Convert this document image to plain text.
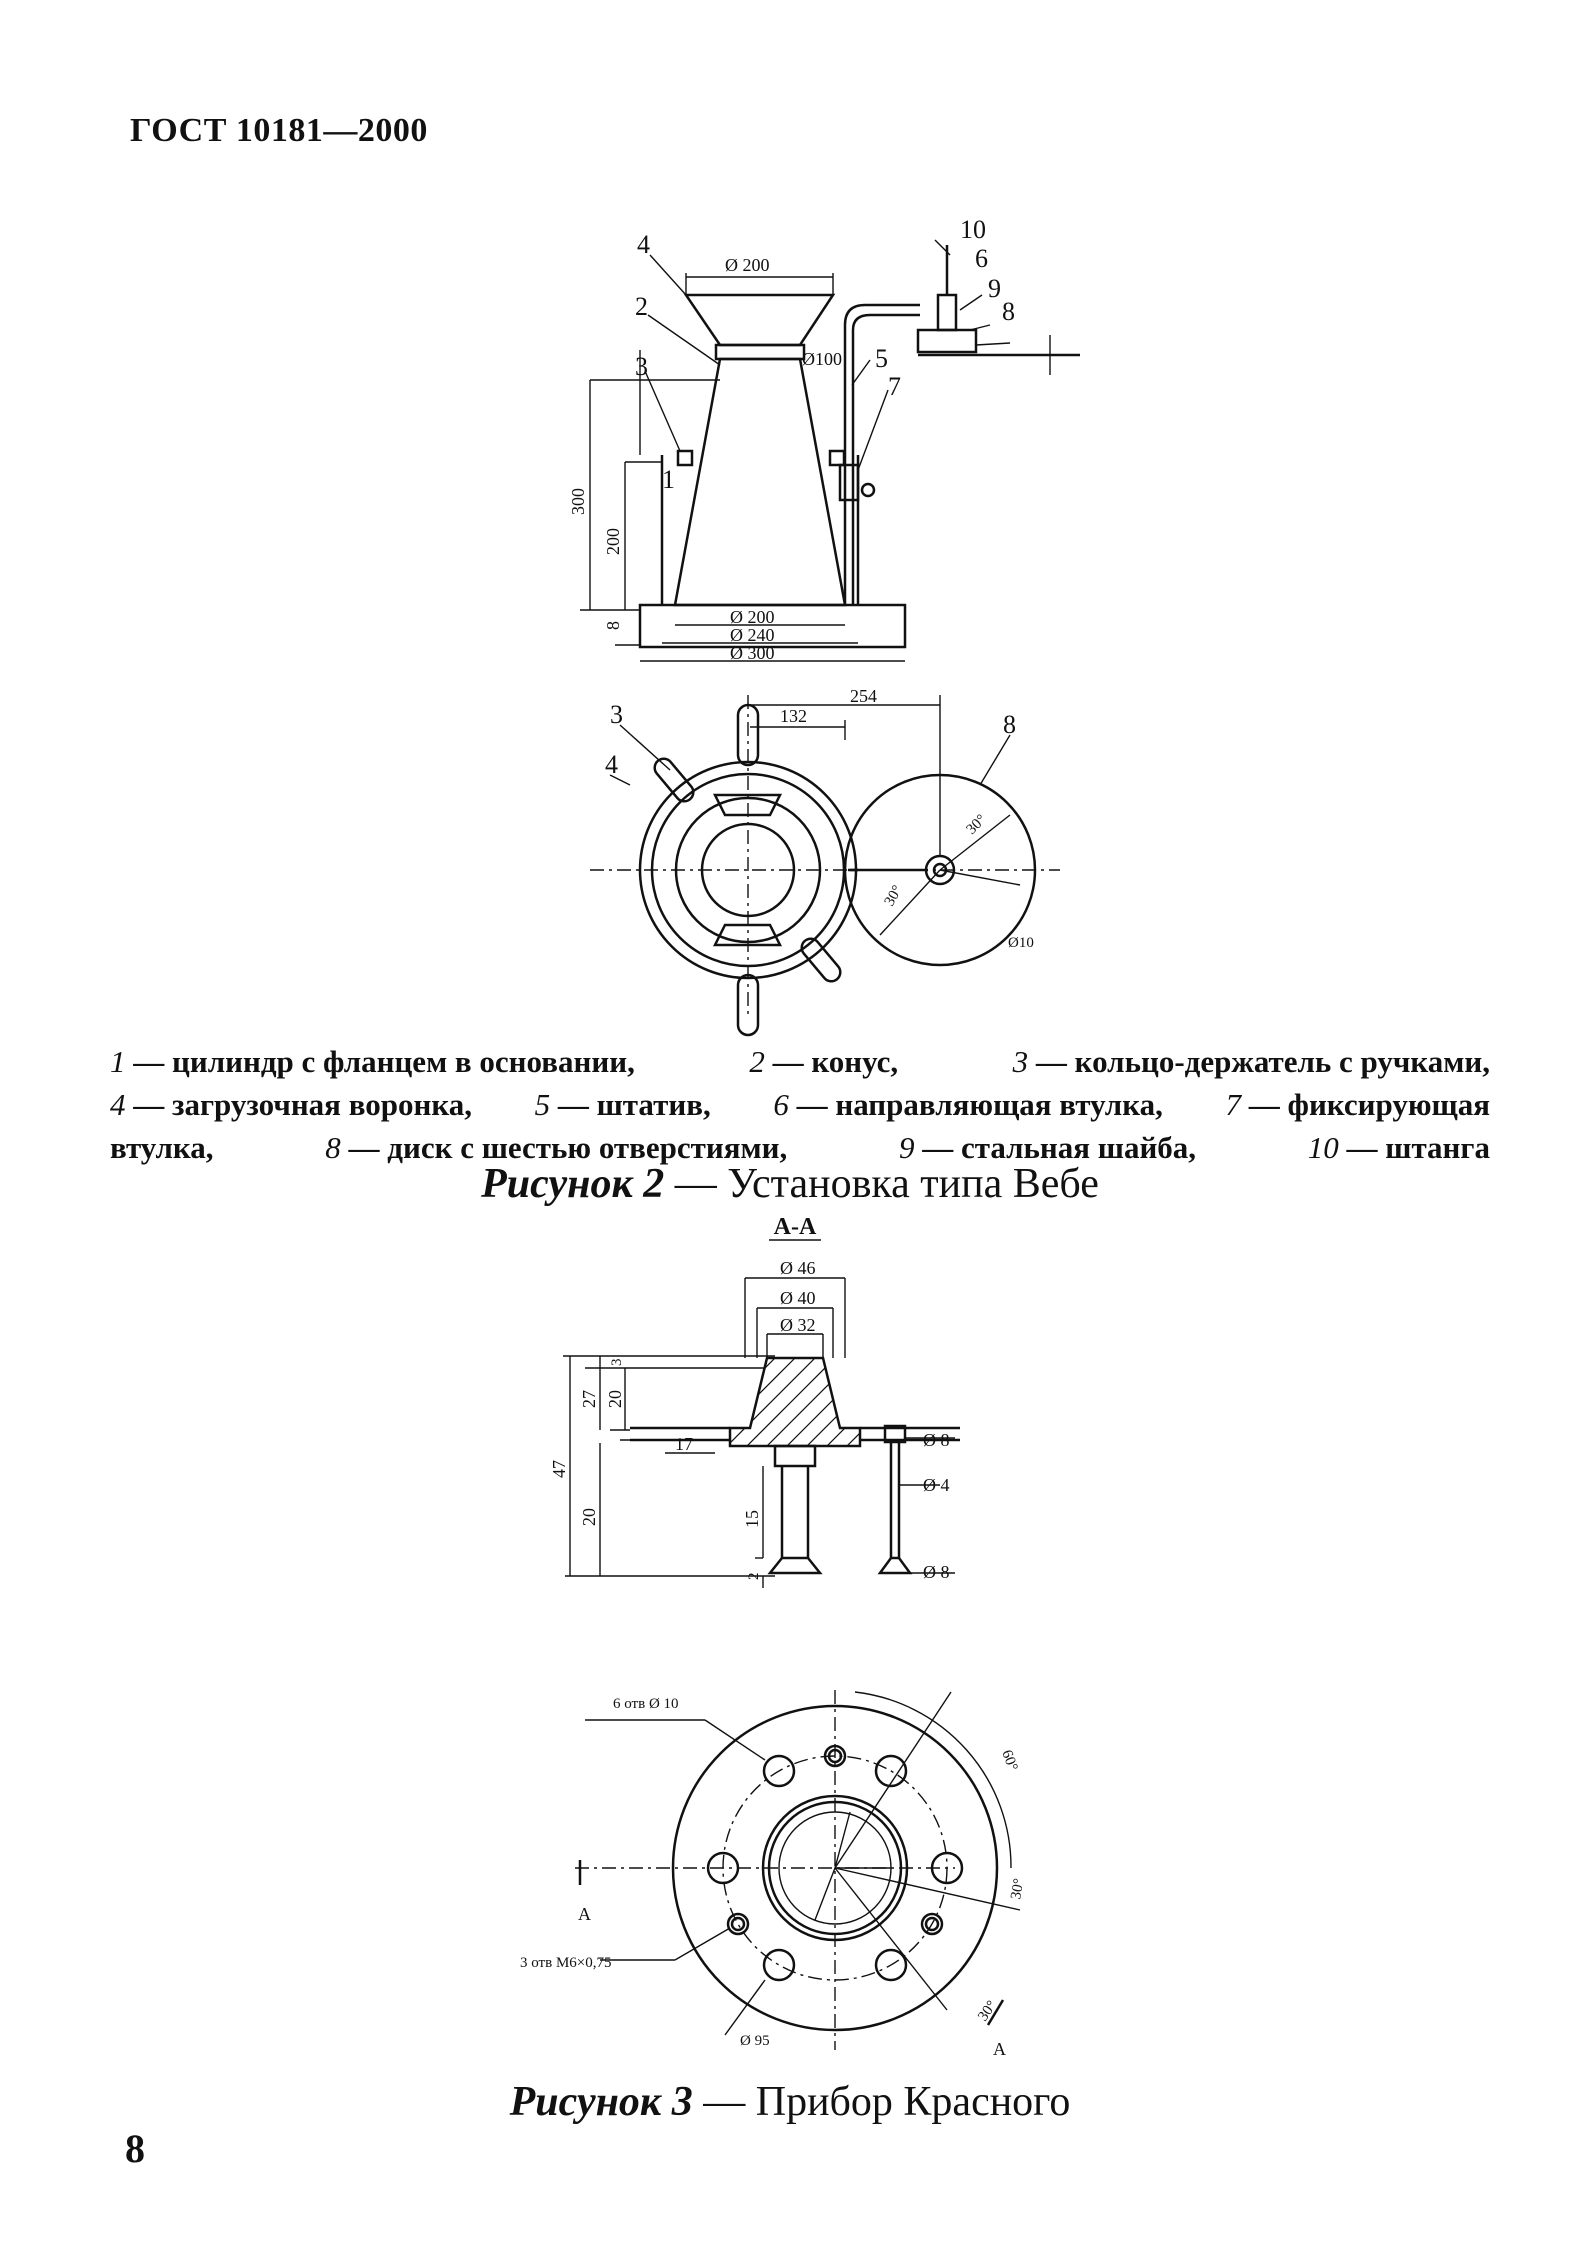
ГОСТ 10181—2000
4
2
3
1
5
7
10
6
9
8
Ø 200
Ø100
Ø 200
Ø 240
Ø 300
300
200
8
3
4
8
132
254
30°
30°
Ø10
1 — цилиндр с фланцем в основании,	2 — конус,	3 — кольцо-держатель с ручками,
4 — загрузочная воронка, 5 — штатив, 6 — направляющая втулка, 7 — фиксирующая
втулка,	8 — диск с шестью отверстиями,	9 — стальная шайба,	10 — штанга
Рисунок 2 — Установка типа Вебе
А-А
Ø 46
Ø 40
Ø 32
3
27 20
47
20
17
15
2
Ø 8
Ø 4
Ø 8
А
А
6 отв Ø 10
3 отв М6×0,75
Ø 95
60°
30°
30°
Рисунок 3 — Прибор Красного
8
